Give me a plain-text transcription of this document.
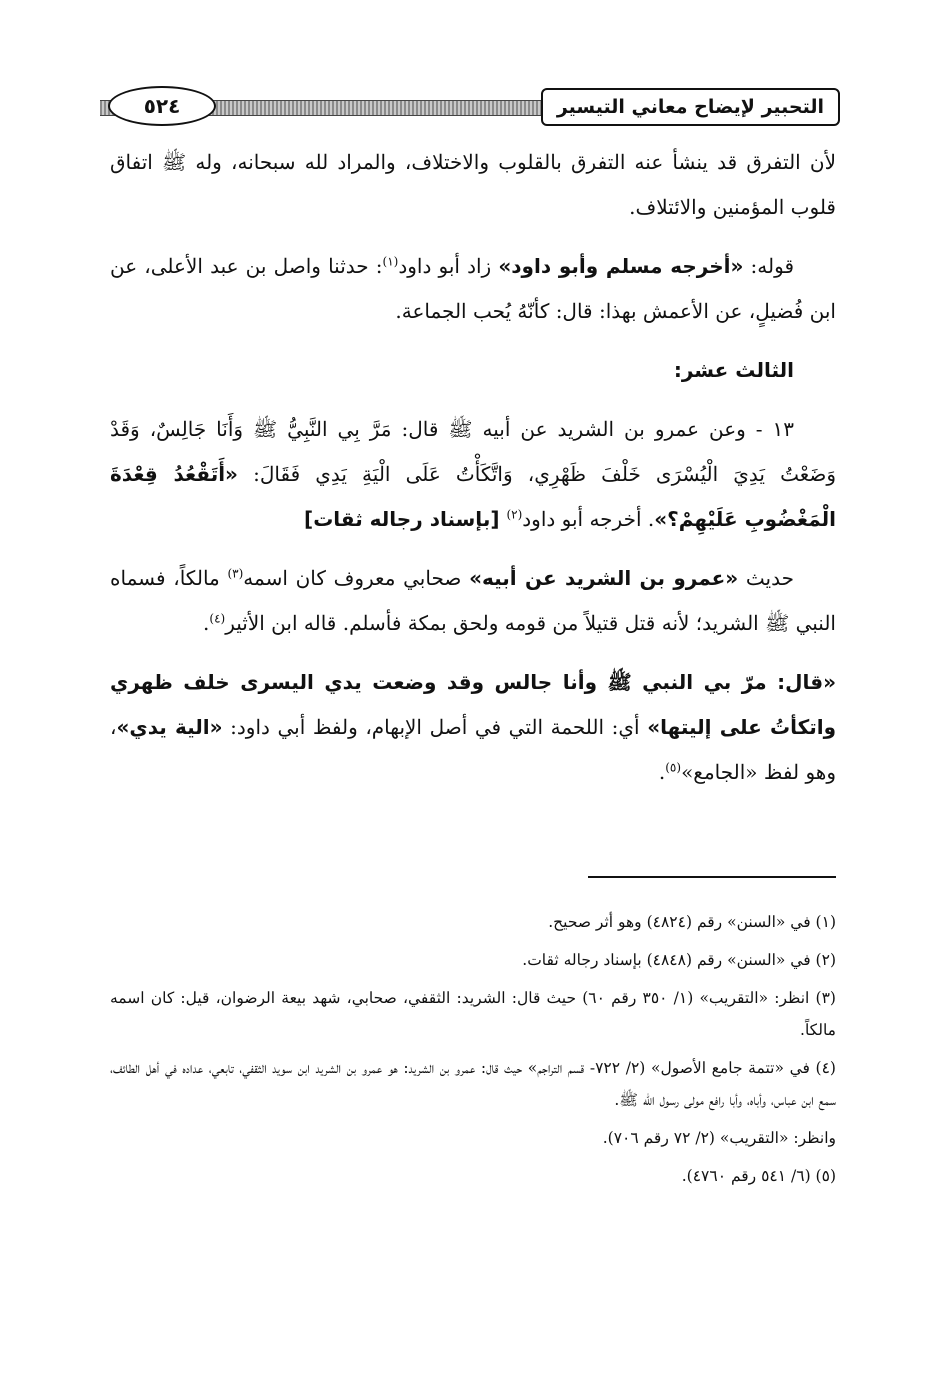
التحبير لإيضاح معاني التيسير
٥٢٤

لأن التفرق قد ينشأ عنه التفرق بالقلوب والاختلاف، والمراد لله سبحانه، وله ﷺ اتفاق قلوب المؤمنين والائتلاف.

قوله: «أخرجه مسلم وأبو داود» زاد أبو داود$^{(١)}$: حدثنا واصل بن عبد الأعلى، عن ابن فُضيلٍ، عن الأعمش بهذا: قال: كأنّهُ يُحب الجماعة.

الثالث عشر:

١٣ - وعن عمرو بن الشريد عن أبيه ﷺ قال: مَرَّ بِي النَّبِيُّ ﷺ وَأَنَا جَالِسٌ، وَقَدْ وَضَعْتُ يَدِيَ الْيُسْرَى خَلْفَ ظَهْرِي، وَاتَّكَأْتُ عَلَى الْيَةِ يَدِي فَقَالَ: «أَتَقْعُدُ قِعْدَةَ الْمَغْضُوبِ عَلَيْهِمْ؟». أخرجه أبو داود$^{(٢)}$ [بإسناد رجاله ثقات]

حديث «عمرو بن الشريد عن أبيه» صحابي معروف كان اسمه$^{(٣)}$ مالكاً، فسماه النبي ﷺ الشريد؛ لأنه قتل قتيلاً من قومه ولحق بمكة فأسلم. قاله ابن الأثير$^{(٤)}$.

«قال: مرّ بي النبي ﷺ وأنا جالس وقد وضعت يدي اليسرى خلف ظهري واتكأتُ على إليتها» أي: اللحمة التي في أصل الإبهام، ولفظ أبي داود: «الية يدي»، وهو لفظ «الجامع»$^{(٥)}$.

(١) في «السنن» رقم (٤٨٢٤) وهو أثر صحيح.

(٢) في «السنن» رقم (٤٨٤٨) بإسناد رجاله ثقات.

(٣) انظر: «التقريب» (١/ ٣٥٠ رقم ٦٠) حيث قال: الشريد: الثقفي، صحابي، شهد بيعة الرضوان، قيل: كان اسمه مالكاً.

(٤) في «تتمة جامع الأصول» (٢/ ٧٢٢- قسم التراجم» حيث قال: عمرو بن الشريد: هو عمرو بن الشريد ابن سويد الثقفي، تابعي، عداده في أهل الطائف، سمع ابن عباس، وأباه، وأبا رافع مولى رسول الله ﷺ.

وانظر: «التقريب» (٢/ ٧٢ رقم ٧٠٦).

(٥) (٦/ ٥٤١ رقم ٤٧٦٠).
